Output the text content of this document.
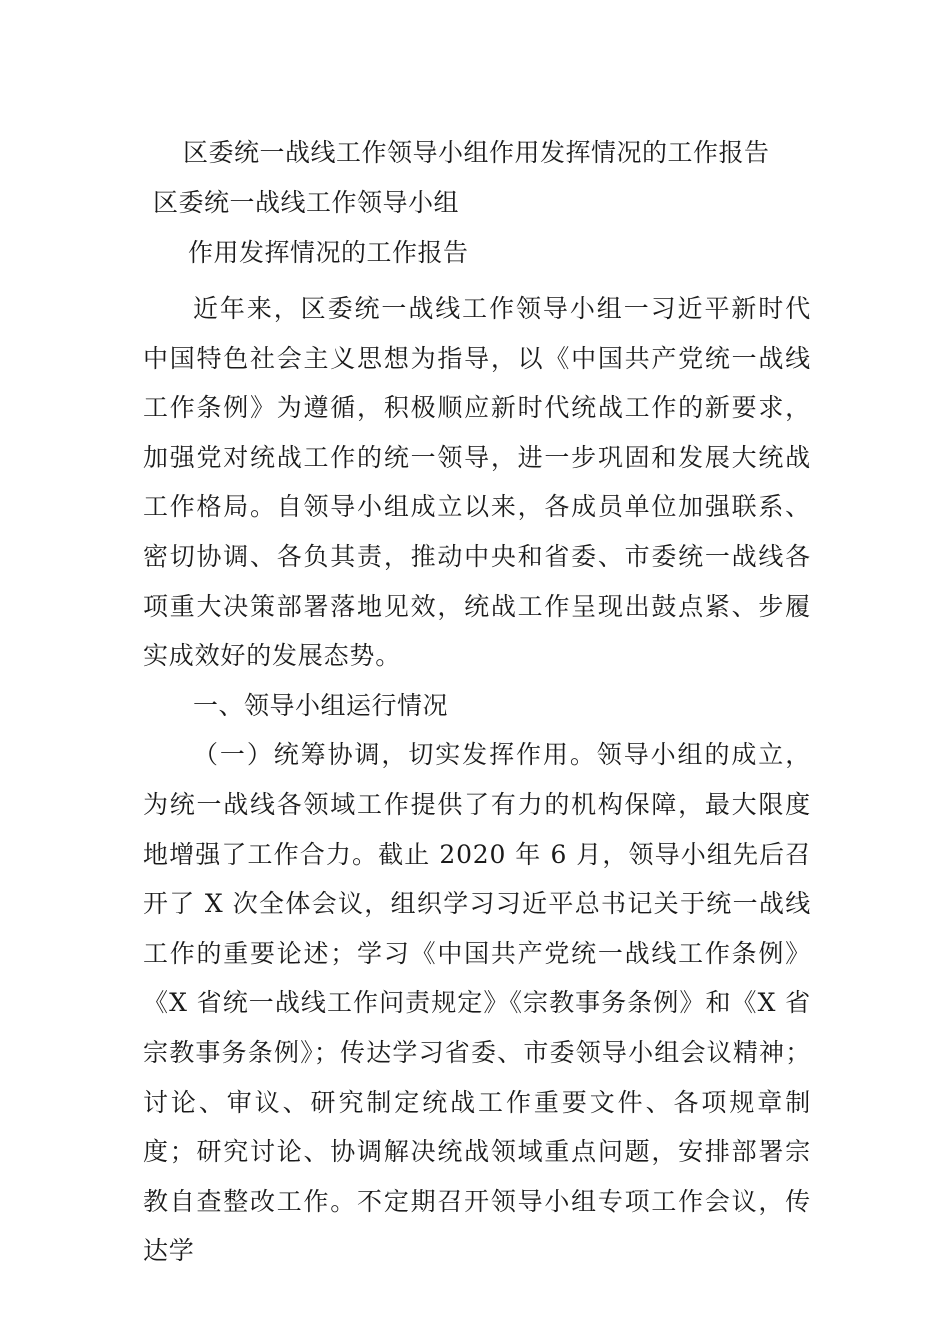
区委统一战线工作领导小组作用发挥情况的工作报告
区委统一战线工作领导小组
作用发挥情况的工作报告

近年来，区委统一战线工作领导小组一习近平新时代中国特色社会主义思想为指导，以《中国共产党统一战线工作条例》为遵循，积极顺应新时代统战工作的新要求，加强党对统战工作的统一领导，进一步巩固和发展大统战工作格局。自领导小组成立以来，各成员单位加强联系、密切协调、各负其责，推动中央和省委、市委统一战线各项重大决策部署落地见效，统战工作呈现出鼓点紧、步履实成效好的发展态势。

一、领导小组运行情况

（一）统筹协调，切实发挥作用。领导小组的成立，为统一战线各领域工作提供了有力的机构保障，最大限度地增强了工作合力。截止 2020 年 6 月，领导小组先后召开了 X 次全体会议，组织学习习近平总书记关于统一战线工作的重要论述；学习《中国共产党统一战线工作条例》《X 省统一战线工作问责规定》《宗教事务条例》和《X 省宗教事务条例》；传达学习省委、市委领导小组会议精神；讨论、审议、研究制定统战工作重要文件、各项规章制度；研究讨论、协调解决统战领域重点问题，安排部署宗教自查整改工作。不定期召开领导小组专项工作会议，传达学
